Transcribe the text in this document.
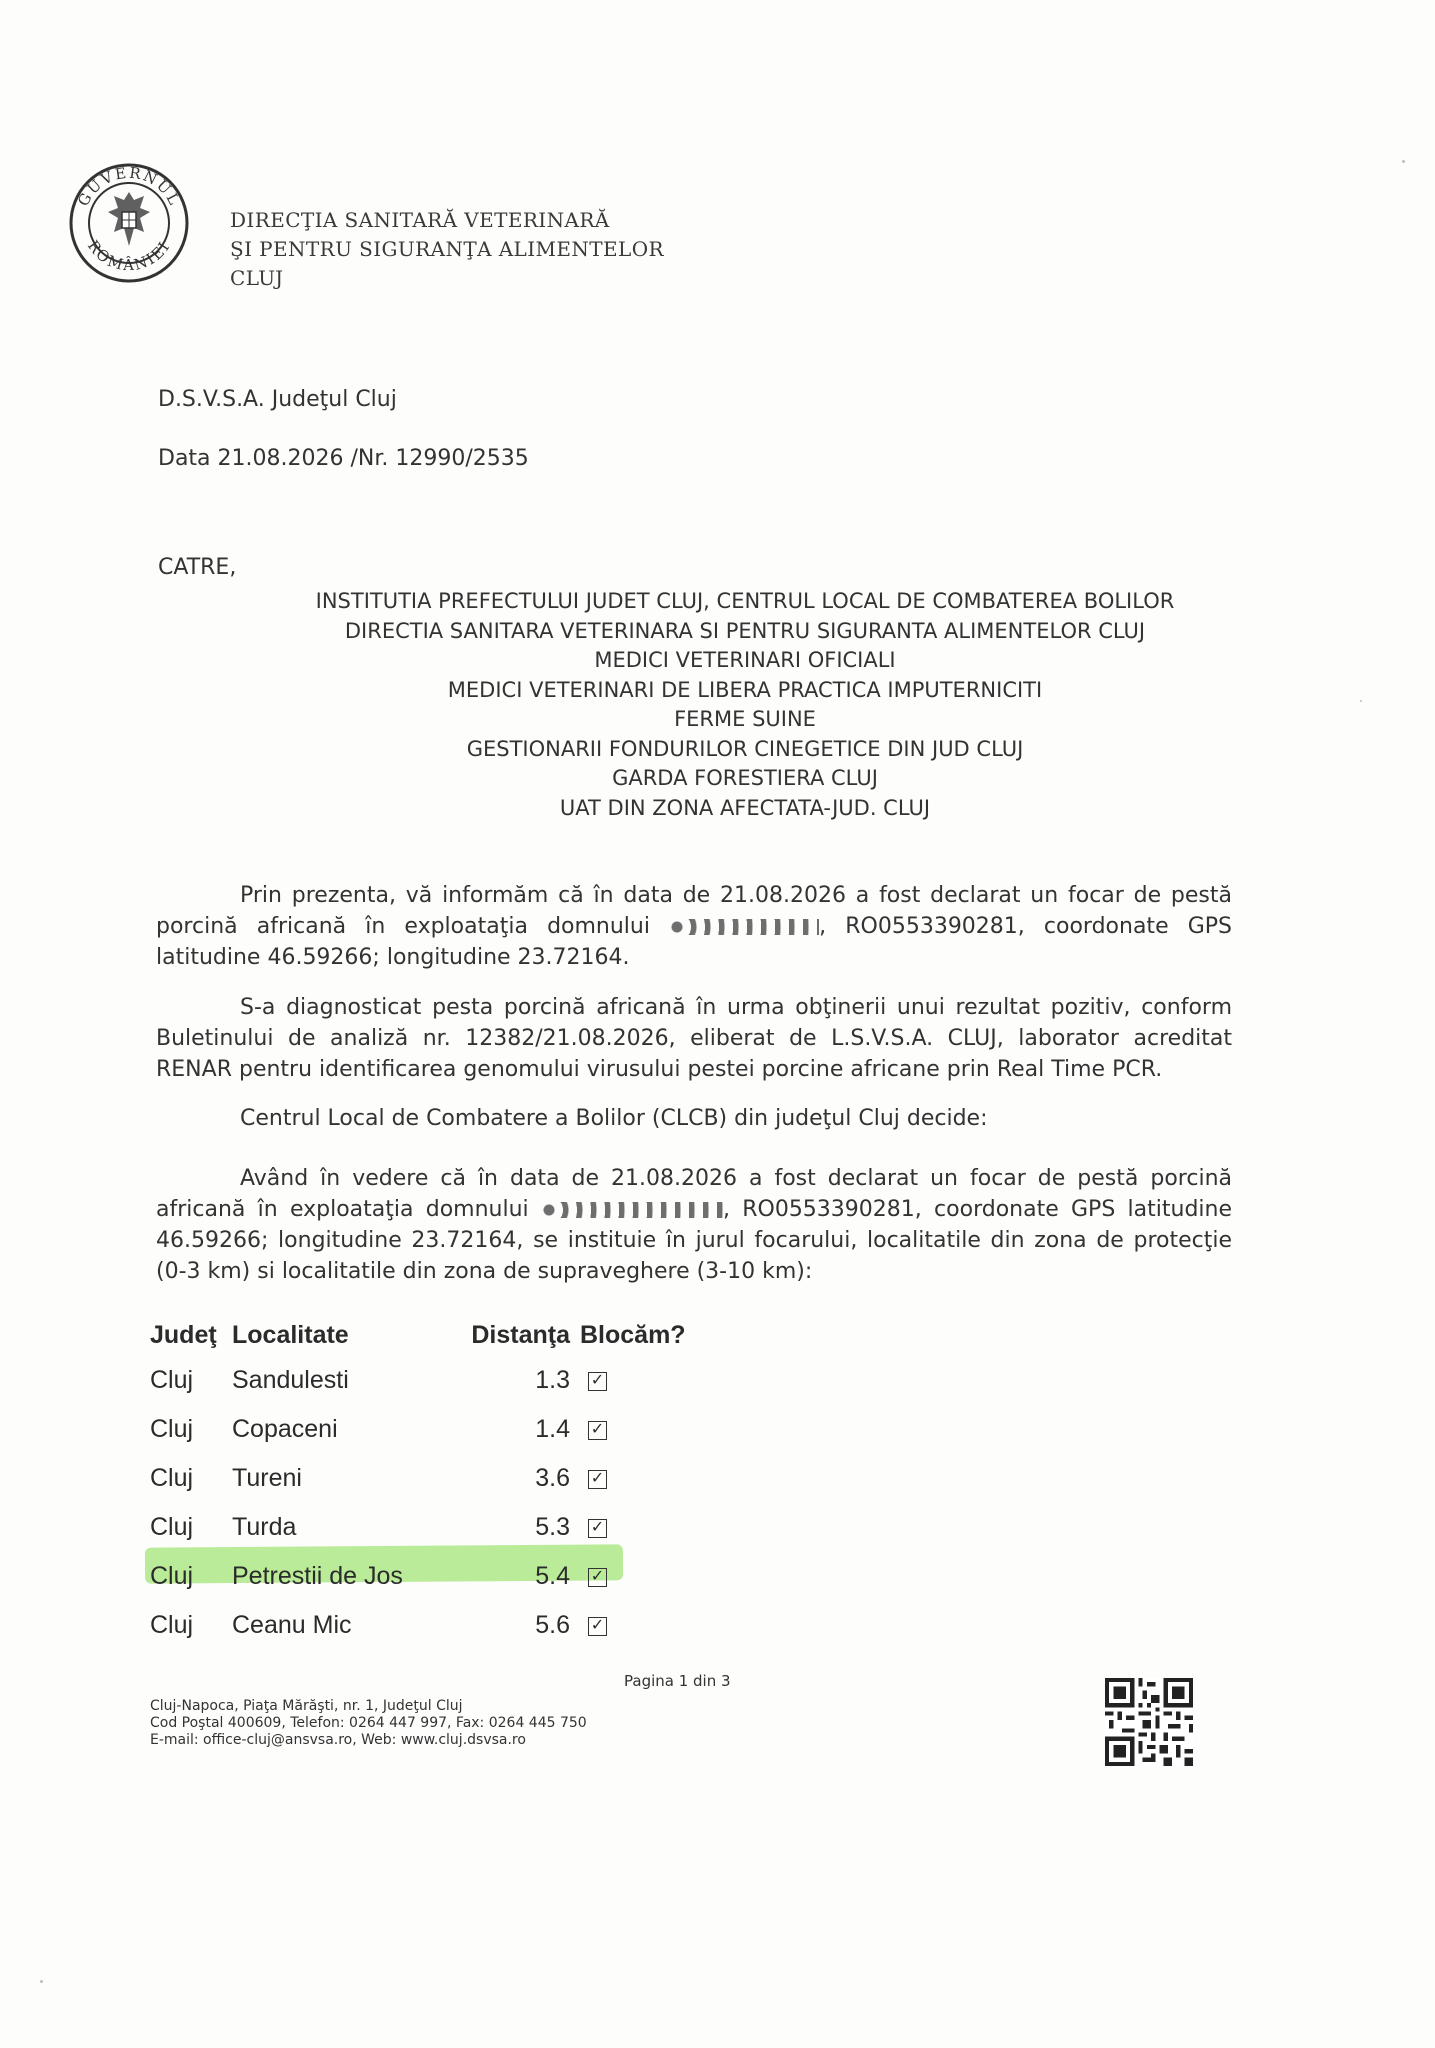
GUVERNUL
ROMÂNIEI
DIRECŢIA SANITARĂ VETERINARĂ
ŞI PENTRU SIGURANŢA ALIMENTELOR
CLUJ
D.S.V.S.A. Judeţul Cluj
Data 21.08.2026 /Nr. 12990/2535
CATRE,
INSTITUTIA PREFECTULUI JUDET CLUJ, CENTRUL LOCAL DE COMBATEREA BOLILOR
DIRECTIA SANITARA VETERINARA SI PENTRU SIGURANTA ALIMENTELOR CLUJ
MEDICI VETERINARI OFICIALI
MEDICI VETERINARI DE LIBERA PRACTICA IMPUTERNICITI
FERME SUINE
GESTIONARII FONDURILOR CINEGETICE DIN JUD CLUJ
GARDA FORESTIERA CLUJ
UAT DIN ZONA AFECTATA-JUD. CLUJ

Prin prezenta, vă informăm că în data de 21.08.2026 a fost declarat un focar de pestă porcină africană în exploataţia domnului	, RO0553390281, coordonate GPS latitudine 46.59266; longitudine 23.72164.

S-a diagnosticat pesta porcină africană în urma obţinerii unui rezultat pozitiv, conform Buletinului de analiză nr. 12382/21.08.2026, eliberat de L.S.V.S.A. CLUJ, laborator acreditat RENAR pentru identificarea genomului virusului pestei porcine africane prin Real Time PCR.

Centrul Local de Combatere a Bolilor (CLCB) din judeţul Cluj decide:

Având în vedere că în data de 21.08.2026 a fost declarat un focar de pestă porcină africană în exploataţia domnului	, RO0553390281, coordonate GPS latitudine 46.59266; longitudine 23.72164, se instituie în jurul focarului, localitatile din zona de protecţie (0-3 km) si localitatile din zona de supraveghere (3-10 km):

Judeţ	Localitate	Distanţa	Blocăm?
Cluj	Sandulesti	1.3	✓
Cluj	Copaceni	1.4	✓
Cluj	Tureni	3.6	✓
Cluj	Turda	5.3	✓
Cluj	Petrestii de Jos	5.4	✓
Cluj	Ceanu Mic	5.6	✓
Pagina 1 din 3
Cluj-Napoca, Piaţa Mărăşti, nr. 1, Judeţul Cluj
Cod Poştal 400609, Telefon: 0264 447 997, Fax: 0264 445 750
E-mail: office-cluj@ansvsa.ro, Web: www.cluj.dsvsa.ro
